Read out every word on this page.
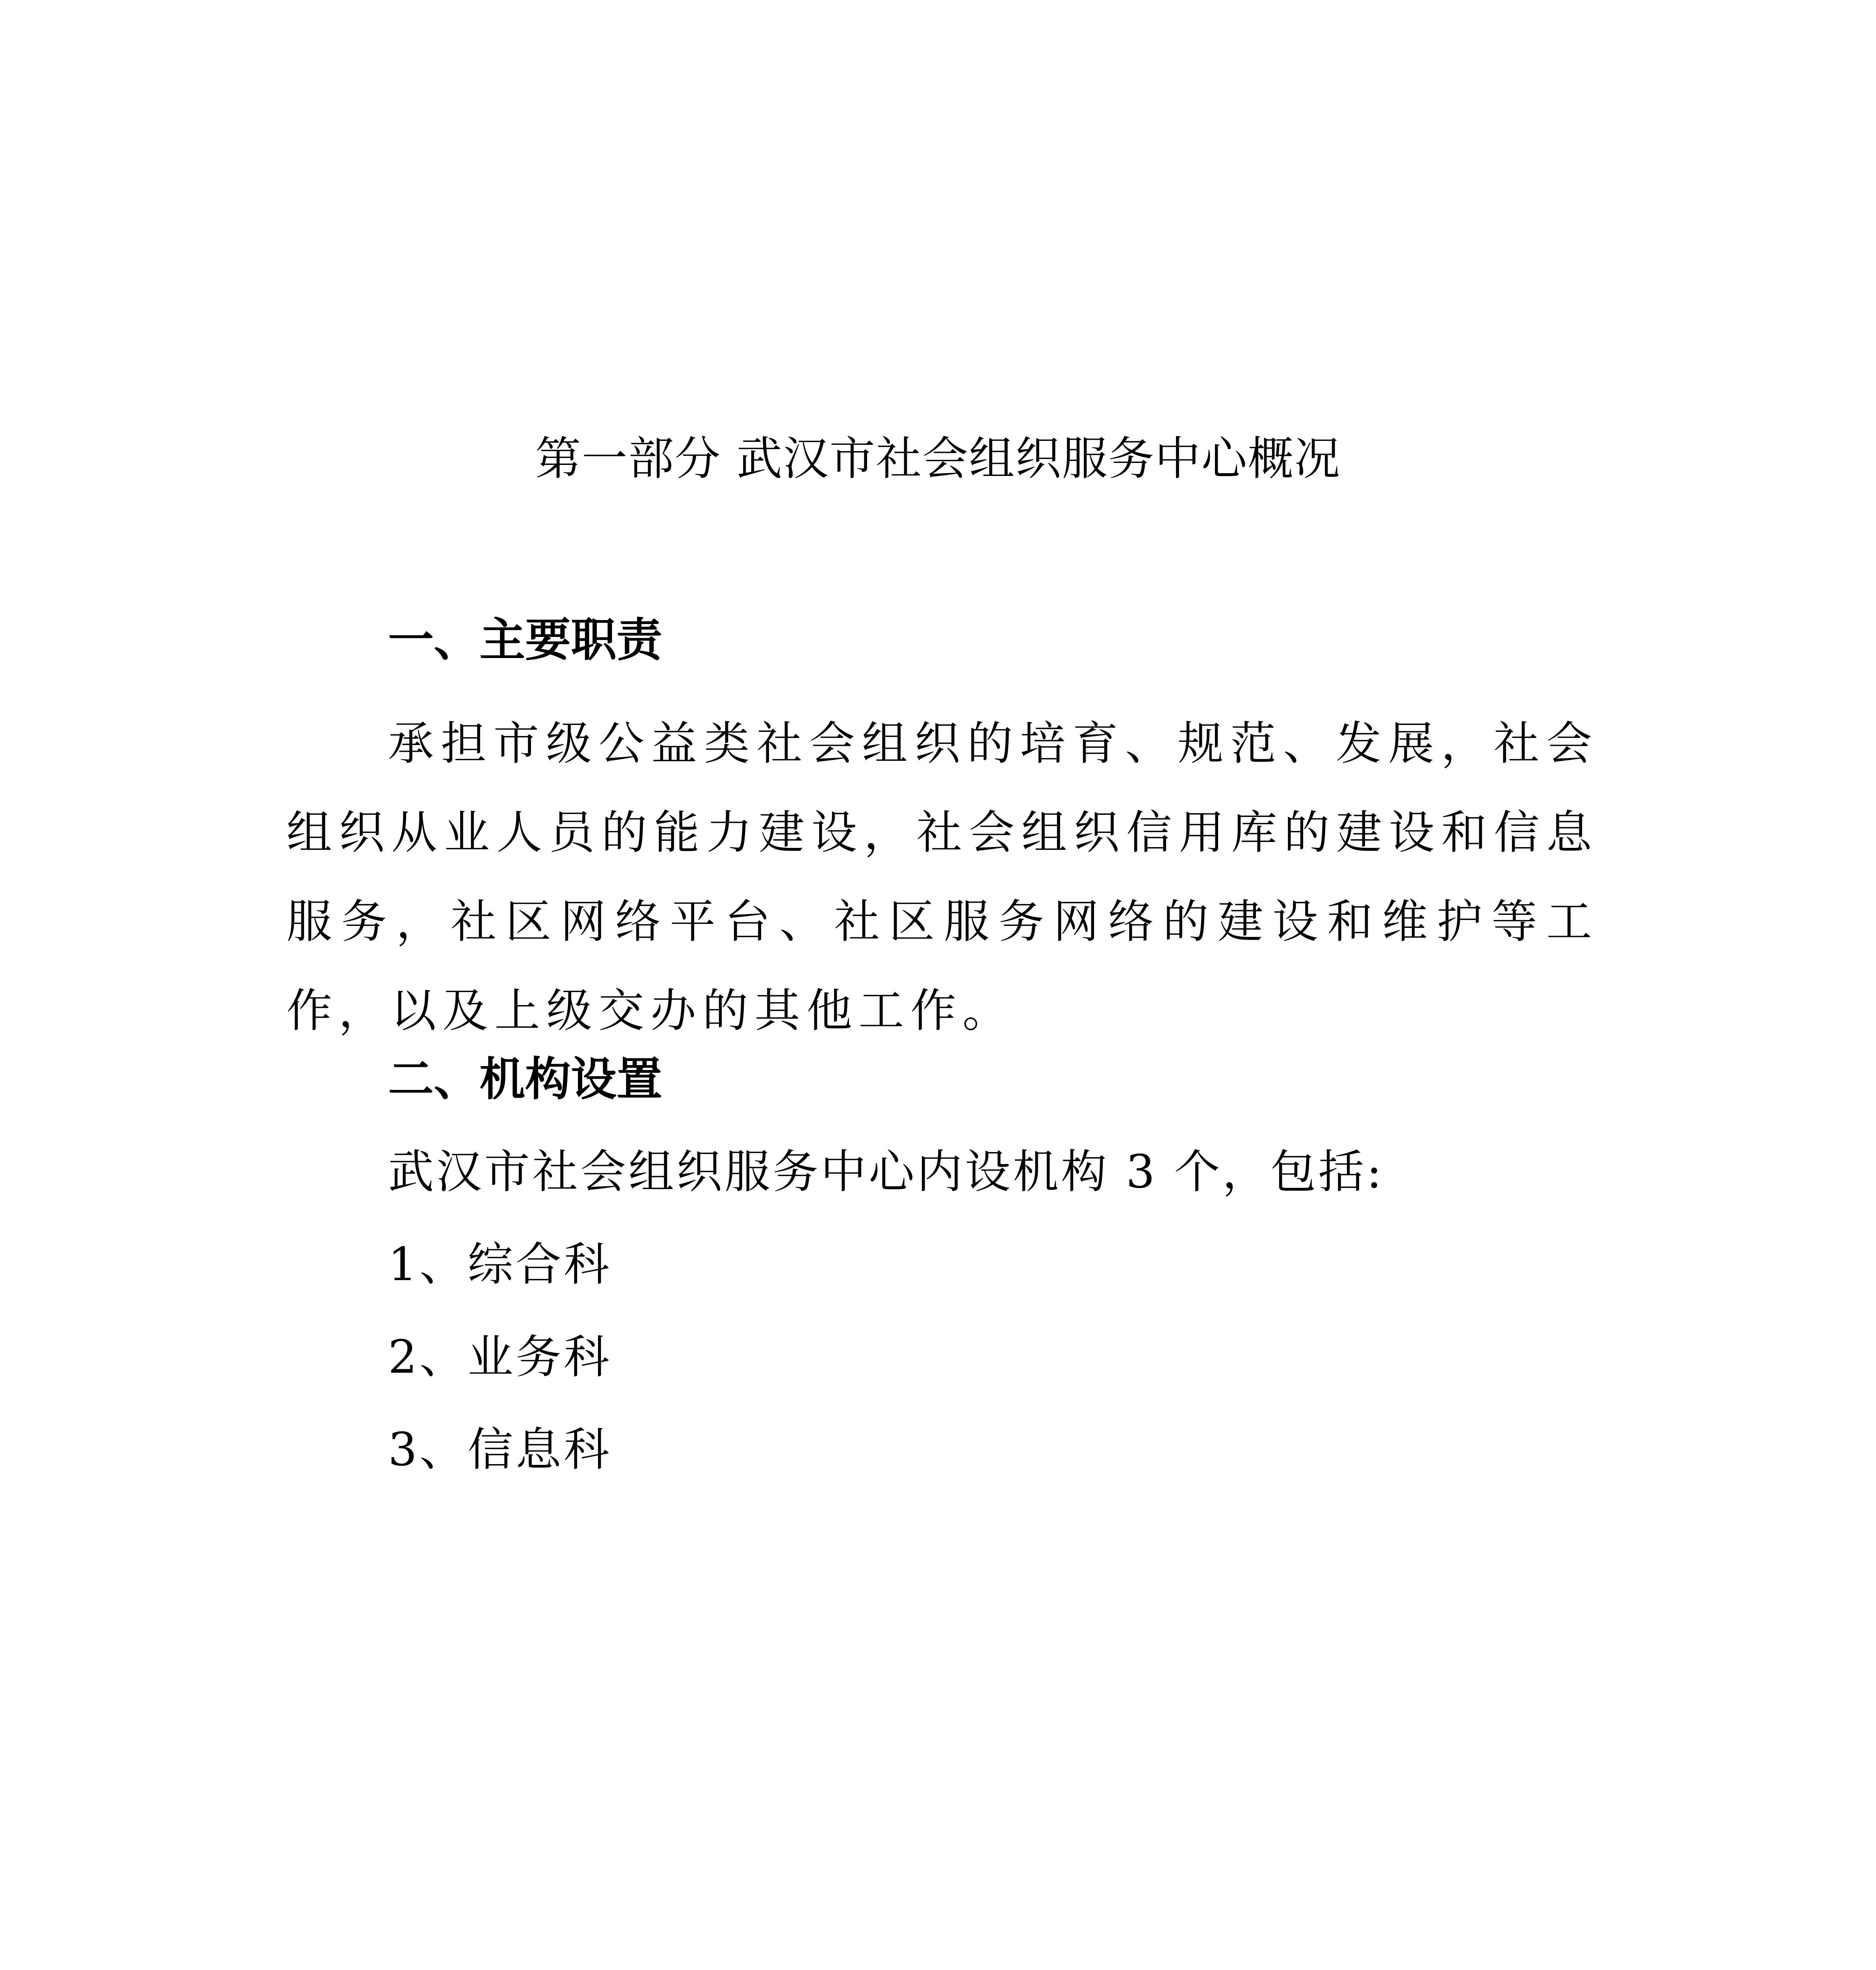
第一部分 武汉市社会组织服务中心概况
一、主要职责

承担市级公益类社会组织的培育、规范、发展，社会组织从业人员的能力建设，社会组织信用库的建设和信息服务，社区网络平台、社区服务网络的建设和维护等工作，以及上级交办的其他工作。

二、机构设置
武汉市社会组织服务中心内设机构 3 个，包括:
1、综合科
2、业务科
3、信息科
